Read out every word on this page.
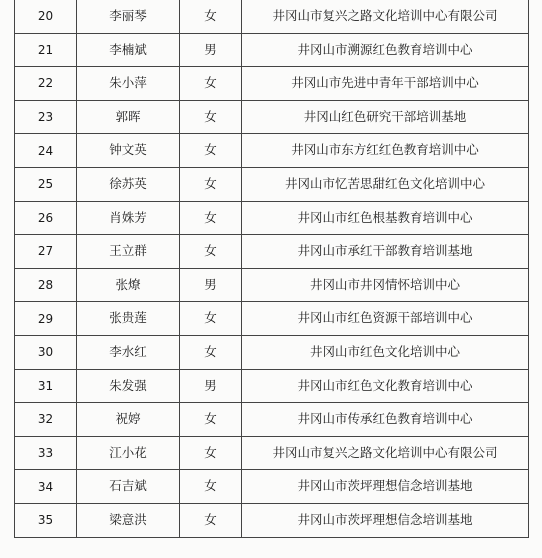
20	李丽琴	女	井冈山市复兴之路文化培训中心有限公司
21	李楠斌	男	井冈山市溯源红色教育培训中心
22	朱小萍	女	井冈山市先进中青年干部培训中心
23	郭晖	女	井冈山红色研究干部培训基地
24	钟文英	女	井冈山市东方红红色教育培训中心
25	徐苏英	女	井冈山市忆苦思甜红色文化培训中心
26	肖姝芳	女	井冈山市红色根基教育培训中心
27	王立群	女	井冈山市承红干部教育培训基地
28	张燎	男	井冈山市井冈情怀培训中心
29	张贵莲	女	井冈山市红色资源干部培训中心
30	李水红	女	井冈山市红色文化培训中心
31	朱发强	男	井冈山市红色文化教育培训中心
32	祝婷	女	井冈山市传承红色教育培训中心
33	江小花	女	井冈山市复兴之路文化培训中心有限公司
34	石吉斌	女	井冈山市茨坪理想信念培训基地
35	梁意洪	女	井冈山市茨坪理想信念培训基地
